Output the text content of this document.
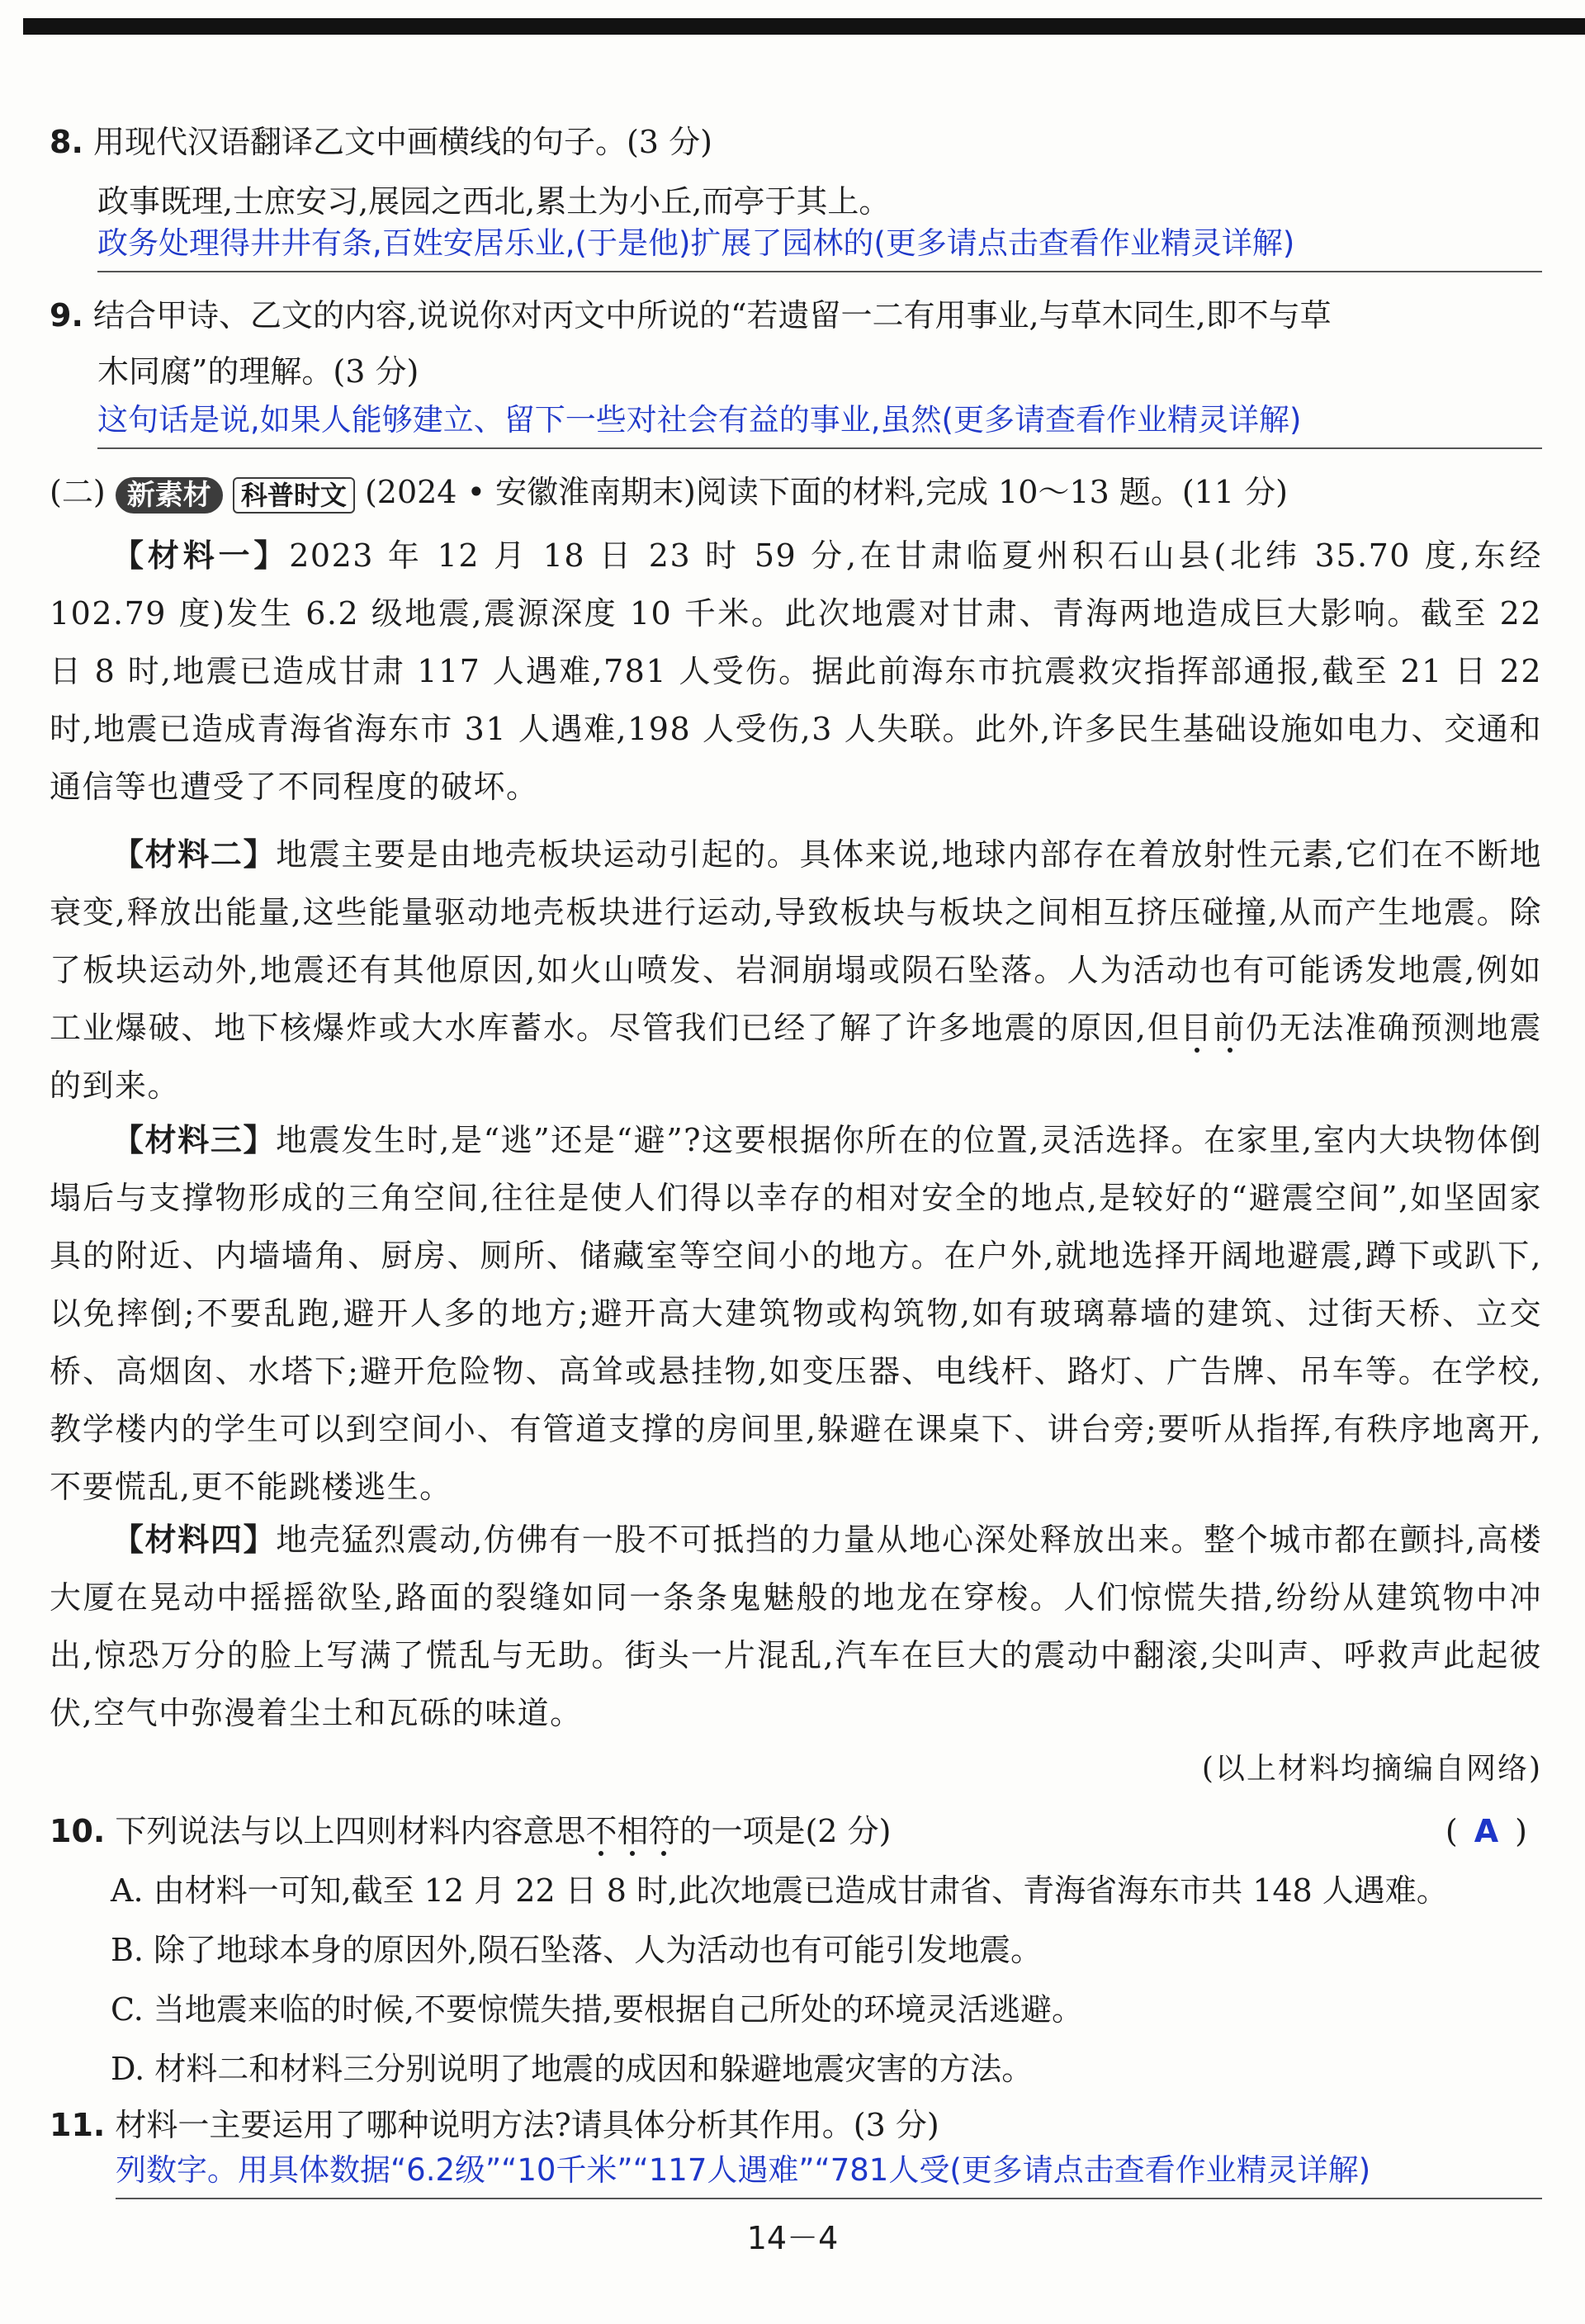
8. 用现代汉语翻译乙文中画横线的句子。(3 分)
政事既理,士庶安习,展园之西北,累土为小丘,而亭于其上。
政务处理得井井有条,百姓安居乐业,(于是他)扩展了园林的(更多请点击查看作业精灵详解)
9. 结合甲诗、乙文的内容,说说你对丙文中所说的“若遗留一二有用事业,与草木同生,即不与草
木同腐”的理解。(3 分)
这句话是说,如果人能够建立、留下一些对社会有益的事业,虽然(更多请查看作业精灵详解)
(二) 新素材 科普时文 (2024 • 安徽淮南期末)阅读下面的材料,完成 10～13 题。(11 分)
【材料一】2023 年 12 月 18 日 23 时 59 分,在甘肃临夏州积石山县(北纬 35.70 度,东经 102.79 度)发生 6.2 级地震,震源深度 10 千米。此次地震对甘肃、青海两地造成巨大影响。截至 22 日 8 时,地震已造成甘肃 117 人遇难,781 人受伤。据此前海东市抗震救灾指挥部通报,截至 21 日 22 时,地震已造成青海省海东市 31 人遇难,198 人受伤,3 人失联。此外,许多民生基础设施如电力、交通和通信等也遭受了不同程度的破坏。
【材料二】地震主要是由地壳板块运动引起的。具体来说,地球内部存在着放射性元素,它们在不断地衰变,释放出能量,这些能量驱动地壳板块进行运动,导致板块与板块之间相互挤压碰撞,从而产生地震。除了板块运动外,地震还有其他原因,如火山喷发、岩洞崩塌或陨石坠落。人为活动也有可能诱发地震,例如工业爆破、地下核爆炸或大水库蓄水。尽管我们已经了解了许多地震的原因,但目前仍无法准确预测地震的到来。
【材料三】地震发生时,是“逃”还是“避”?这要根据你所在的位置,灵活选择。在家里,室内大块物体倒塌后与支撑物形成的三角空间,往往是使人们得以幸存的相对安全的地点,是较好的“避震空间”,如坚固家具的附近、内墙墙角、厨房、厕所、储藏室等空间小的地方。在户外,就地选择开阔地避震,蹲下或趴下,以免摔倒;不要乱跑,避开人多的地方;避开高大建筑物或构筑物,如有玻璃幕墙的建筑、过街天桥、立交桥、高烟囱、水塔下;避开危险物、高耸或悬挂物,如变压器、电线杆、路灯、广告牌、吊车等。在学校,教学楼内的学生可以到空间小、有管道支撑的房间里,躲避在课桌下、讲台旁;要听从指挥,有秩序地离开,不要慌乱,更不能跳楼逃生。
【材料四】地壳猛烈震动,仿佛有一股不可抵挡的力量从地心深处释放出来。整个城市都在颤抖,高楼大厦在晃动中摇摇欲坠,路面的裂缝如同一条条鬼魅般的地龙在穿梭。人们惊慌失措,纷纷从建筑物中冲出,惊恐万分的脸上写满了慌乱与无助。街头一片混乱,汽车在巨大的震动中翻滚,尖叫声、呼救声此起彼伏,空气中弥漫着尘土和瓦砾的味道。
(以上材料均摘编自网络)
10. 下列说法与以上四则材料内容意思不相符的一项是(2 分)	( A )
A. 由材料一可知,截至 12 月 22 日 8 时,此次地震已造成甘肃省、青海省海东市共 148 人遇难。
B. 除了地球本身的原因外,陨石坠落、人为活动也有可能引发地震。
C. 当地震来临的时候,不要惊慌失措,要根据自己所处的环境灵活逃避。
D. 材料二和材料三分别说明了地震的成因和躲避地震灾害的方法。
11. 材料一主要运用了哪种说明方法?请具体分析其作用。(3 分)
列数字。用具体数据“6.2级”“10千米”“117人遇难”“781人受(更多请点击查看作业精灵详解)
14－4
